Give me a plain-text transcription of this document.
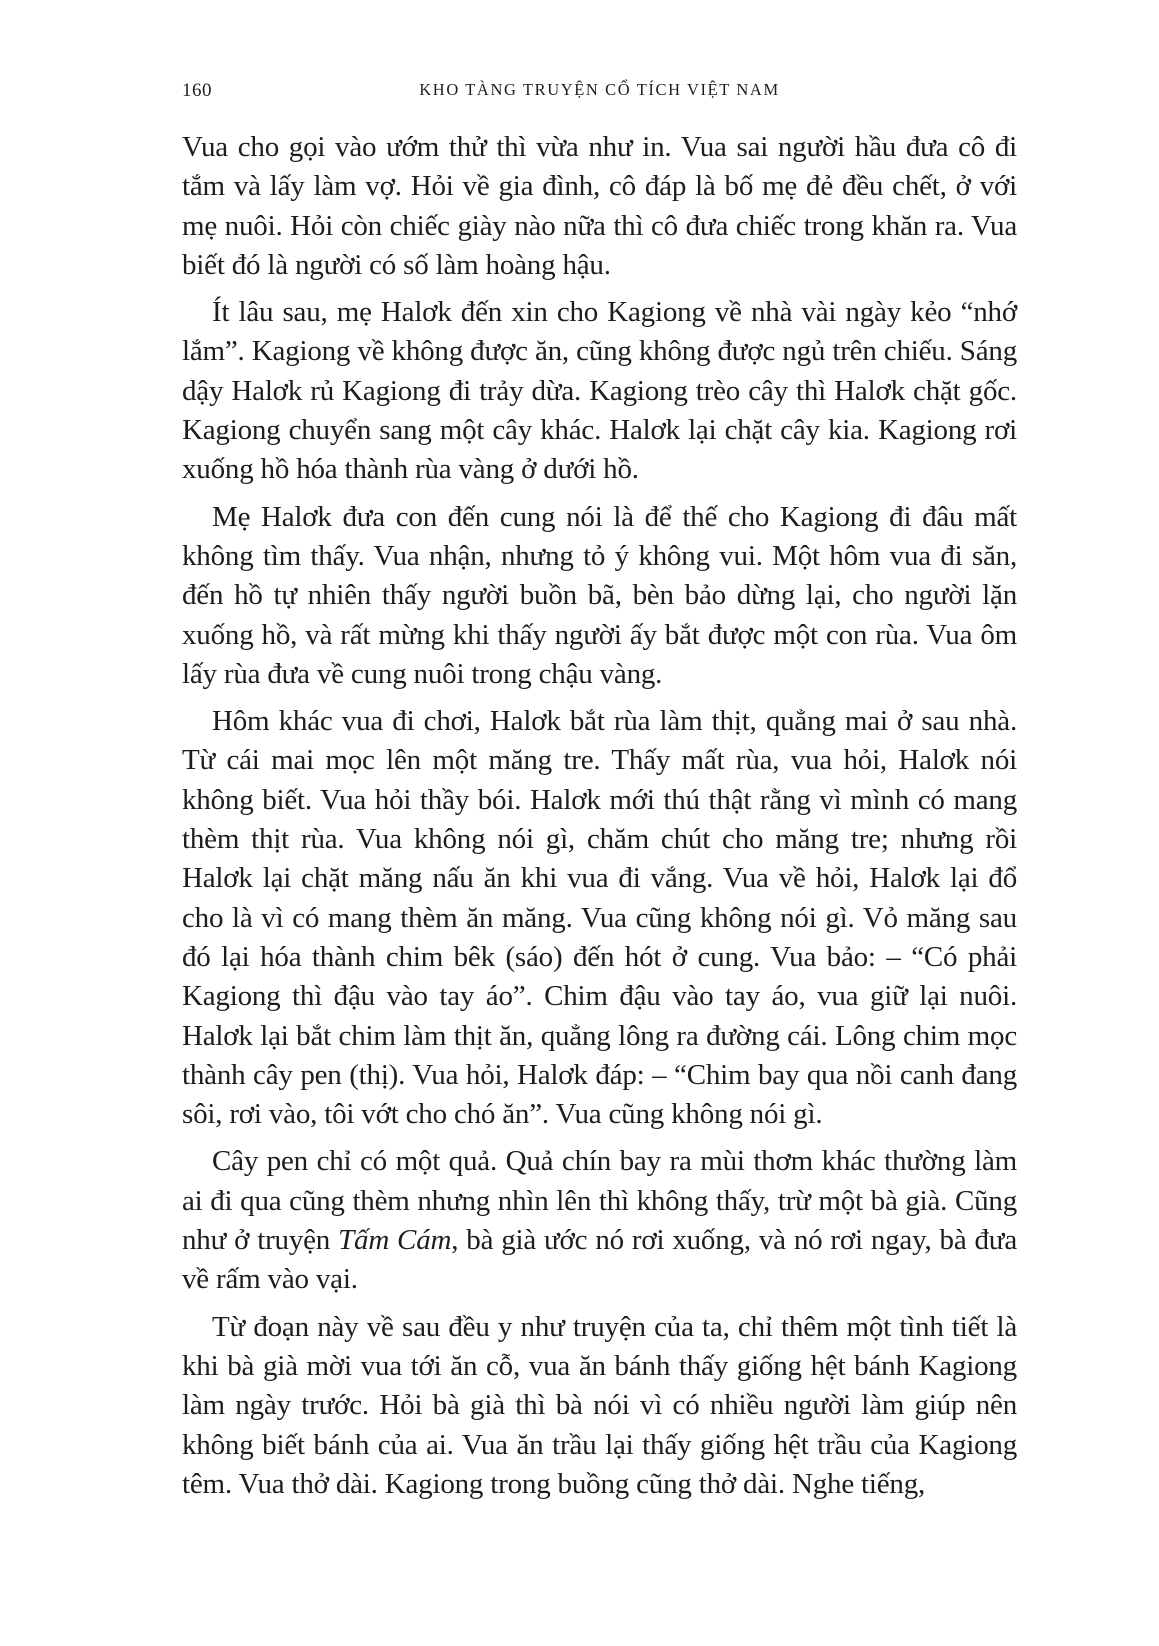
160	KHO TÀNG TRUYỆN CỔ TÍCH VIỆT NAM

Vua cho gọi vào ướm thử thì vừa như in. Vua sai người hầu đưa cô đi tắm và lấy làm vợ. Hỏi về gia đình, cô đáp là bố mẹ đẻ đều chết, ở với mẹ nuôi. Hỏi còn chiếc giày nào nữa thì cô đưa chiếc trong khăn ra. Vua biết đó là người có số làm hoàng hậu.

Ít lâu sau, mẹ Halơk đến xin cho Kagiong về nhà vài ngày kẻo “nhớ lắm”. Kagiong về không được ăn, cũng không được ngủ trên chiếu. Sáng dậy Halơk rủ Kagiong đi trảy dừa. Kagiong trèo cây thì Halơk chặt gốc. Kagiong chuyển sang một cây khác. Halơk lại chặt cây kia. Kagiong rơi xuống hồ hóa thành rùa vàng ở dưới hồ.

Mẹ Halơk đưa con đến cung nói là để thế cho Kagiong đi đâu mất không tìm thấy. Vua nhận, nhưng tỏ ý không vui. Một hôm vua đi săn, đến hồ tự nhiên thấy người buồn bã, bèn bảo dừng lại, cho người lặn xuống hồ, và rất mừng khi thấy người ấy bắt được một con rùa. Vua ôm lấy rùa đưa về cung nuôi trong chậu vàng.

Hôm khác vua đi chơi, Halơk bắt rùa làm thịt, quẳng mai ở sau nhà. Từ cái mai mọc lên một măng tre. Thấy mất rùa, vua hỏi, Halơk nói không biết. Vua hỏi thầy bói. Halơk mới thú thật rằng vì mình có mang thèm thịt rùa. Vua không nói gì, chăm chút cho măng tre; nhưng rồi Halơk lại chặt măng nấu ăn khi vua đi vắng. Vua về hỏi, Halơk lại đổ cho là vì có mang thèm ăn măng. Vua cũng không nói gì. Vỏ măng sau đó lại hóa thành chim bêk (sáo) đến hót ở cung. Vua bảo: – “Có phải Kagiong thì đậu vào tay áo”. Chim đậu vào tay áo, vua giữ lại nuôi. Halơk lại bắt chim làm thịt ăn, quẳng lông ra đường cái. Lông chim mọc thành cây pen (thị). Vua hỏi, Halơk đáp: – “Chim bay qua nồi canh đang sôi, rơi vào, tôi vớt cho chó ăn”. Vua cũng không nói gì.

Cây pen chỉ có một quả. Quả chín bay ra mùi thơm khác thường làm ai đi qua cũng thèm nhưng nhìn lên thì không thấy, trừ một bà già. Cũng như ở truyện Tấm Cám, bà già ước nó rơi xuống, và nó rơi ngay, bà đưa về rấm vào vại.

Từ đoạn này về sau đều y như truyện của ta, chỉ thêm một tình tiết là khi bà già mời vua tới ăn cỗ, vua ăn bánh thấy giống hệt bánh Kagiong làm ngày trước. Hỏi bà già thì bà nói vì có nhiều người làm giúp nên không biết bánh của ai. Vua ăn trầu lại thấy giống hệt trầu của Kagiong têm. Vua thở dài. Kagiong trong buồng cũng thở dài. Nghe tiếng,
